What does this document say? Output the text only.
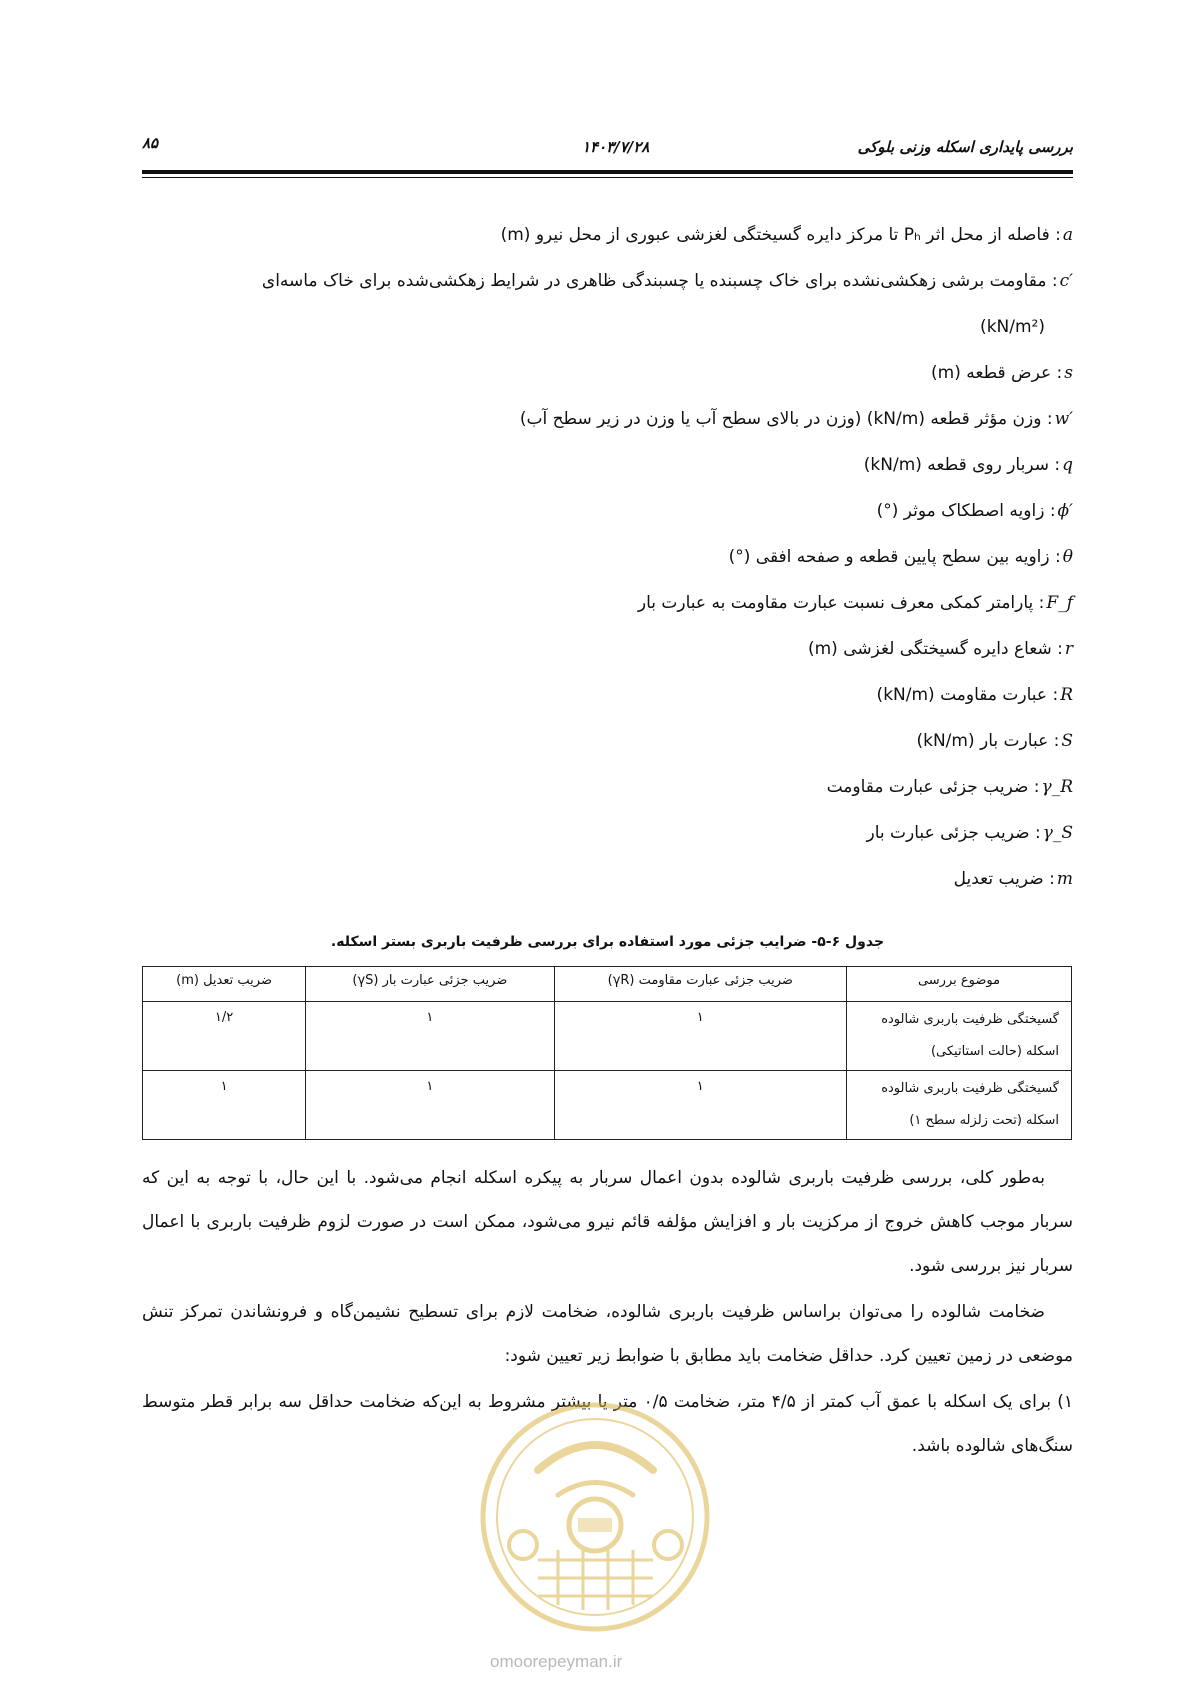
۸۵	۱۴۰۳/۷/۲۸	بررسی پایداری اسکله وزنی بلوکی
a
: فاصله از محل اثر Pₕ تا مرکز دایره گسیختگی لغزشی عبوری از محل نیرو (m)
c′
: مقاومت برشی زهکشی‌نشده برای خاک چسبنده یا چسبندگی ظاهری در شرایط زهکشی‌شده برای خاک ماسه‌ای
(kN/m²)
s
: عرض قطعه (m)
w′
: وزن مؤثر قطعه (kN/m) (وزن در بالای سطح آب یا وزن در زیر سطح آب)
q
: سربار روی قطعه (kN/m)
ϕ′
: زاویه اصطکاک موثر (°)
θ
: زاویه بین سطح پایین قطعه و صفحه افقی (°)
F_f
: پارامتر کمکی معرف نسبت عبارت مقاومت به عبارت بار
r
: شعاع دایره گسیختگی لغزشی (m)
R
: عبارت مقاومت (kN/m)
S
: عبارت بار (kN/m)
γ_R
: ضریب جزئی عبارت مقاومت
γ_S
: ضریب جزئی عبارت بار
m
: ضریب تعدیل
جدول ۶-۵- ضرایب جزئی مورد استفاده برای بررسی ظرفیت باربری بستر اسکله.
موضوع بررسی	ضریب جزئی عبارت مقاومت (γR)	ضریب جزئی عبارت بار (γS)	ضریب تعدیل (m)

گسیختگی ظرفیت باربری شالوده
اسکله (حالت استاتیکی)	۱	۱	۱/۲

گسیختگی ظرفیت باربری شالوده
اسکله (تحت زلزله سطح ۱)	۱	۱	۱

به‌طور کلی، بررسی ظرفیت باربری شالوده بدون اعمال سربار به پیکره اسکله انجام می‌شود. با این حال، با توجه به این که سربار موجب کاهش خروج از مرکزیت بار و افزایش مؤلفه قائم نیرو می‌شود، ممکن است در صورت لزوم ظرفیت باربری با اعمال سربار نیز بررسی شود.

ضخامت شالوده را می‌توان براساس ظرفیت باربری شالوده، ضخامت لازم برای تسطیح نشیمن‌گاه و فرونشاندن تمرکز تنش موضعی در زمین تعیین کرد. حداقل ضخامت باید مطابق با ضوابط زیر تعیین شود:

۱) برای یک اسکله با عمق آب کمتر از ۴/۵ متر، ضخامت ۰/۵ متر یا بیشتر مشروط به این‌که ضخامت حداقل سه برابر قطر متوسط سنگ‌های شالوده باشد.

omoorepeyman.ir
